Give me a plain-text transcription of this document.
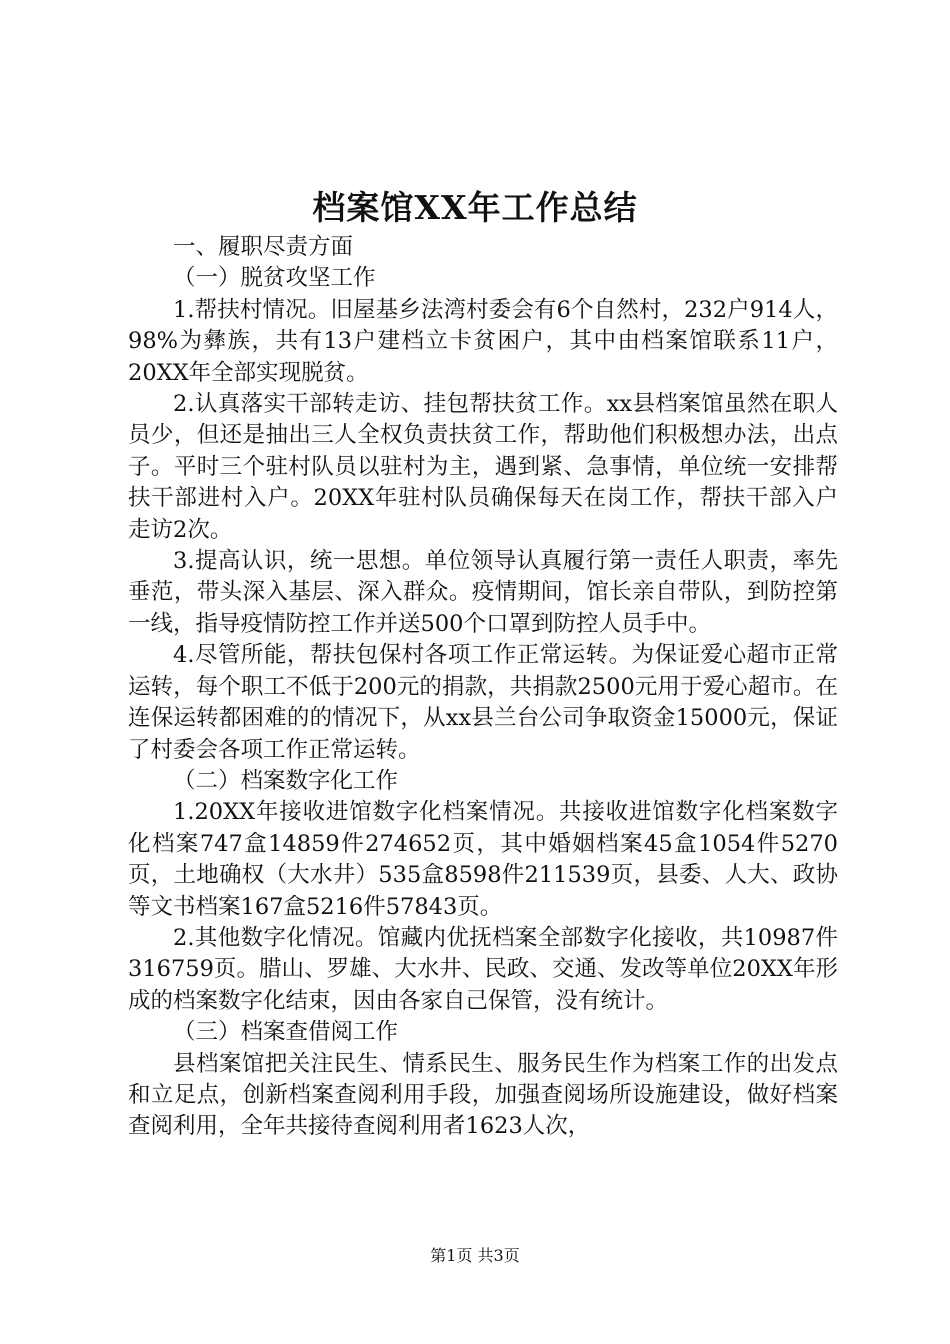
档案馆XX年工作总结

一、履职尽责方面

（一）脱贫攻坚工作

1.帮扶村情况。旧屋基乡法湾村委会有6个自然村，232户914人，98%为彝族，共有13户建档立卡贫困户，其中由档案馆联系11户，20XX年全部实现脱贫。

2.认真落实干部转走访、挂包帮扶贫工作。xx县档案馆虽然在职人员少，但还是抽出三人全权负责扶贫工作，帮助他们积极想办法，出点子。平时三个驻村队员以驻村为主，遇到紧、急事情，单位统一安排帮扶干部进村入户。20XX年驻村队员确保每天在岗工作，帮扶干部入户走访2次。

3.提高认识，统一思想。单位领导认真履行第一责任人职责，率先垂范，带头深入基层、深入群众。疫情期间，馆长亲自带队，到防控第一线，指导疫情防控工作并送500个口罩到防控人员手中。

4.尽管所能，帮扶包保村各项工作正常运转。为保证爱心超市正常运转，每个职工不低于200元的捐款，共捐款2500元用于爱心超市。在连保运转都困难的的情况下，从xx县兰台公司争取资金15000元，保证了村委会各项工作正常运转。

（二）档案数字化工作

1.20XX年接收进馆数字化档案情况。共接收进馆数字化档案数字化档案747盒14859件274652页，其中婚姻档案45盒1054件5270页，土地确权（大水井）535盒8598件211539页，县委、人大、政协等文书档案167盒5216件57843页。

2.其他数字化情况。馆藏内优抚档案全部数字化接收，共10987件316759页。腊山、罗雄、大水井、民政、交通、发改等单位20XX年形成的档案数字化结束，因由各家自己保管，没有统计。

（三）档案查借阅工作

县档案馆把关注民生、情系民生、服务民生作为档案工作的出发点和立足点，创新档案查阅利用手段，加强查阅场所设施建设，做好档案查阅利用，全年共接待查阅利用者1623人次，

第1页 共3页
